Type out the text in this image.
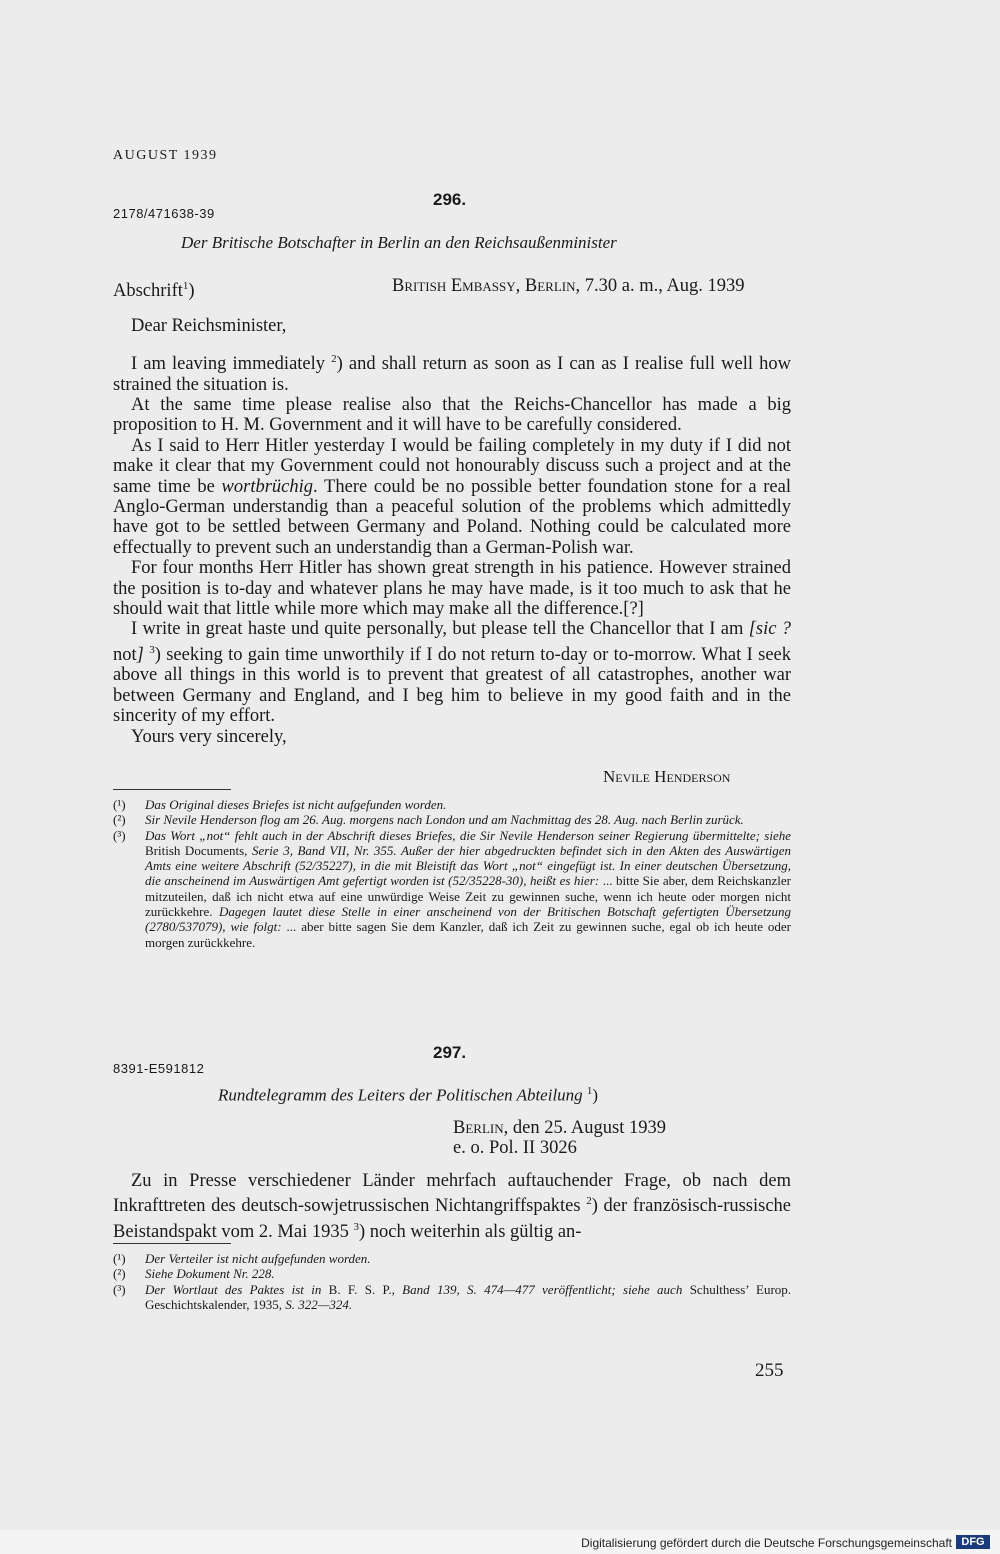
AUGUST 1939
296.
2178/471638-39
Der Britische Botschafter in Berlin an den Reichsaußenminister
Abschrift$^1$)	British Embassy, Berlin, 7.30 a. m., Aug. 1939
Dear Reichsminister,

I am leaving immediately $^2$) and shall return as soon as I can as I realise full well how strained the situation is.

At the same time please realise also that the Reichs-Chancellor has made a big proposition to H. M. Government and it will have to be carefully considered.

As I said to Herr Hitler yesterday I would be failing completely in my duty if I did not make it clear that my Government could not honourably discuss such a project and at the same time be wortbrüchig. There could be no possible better foundation stone for a real Anglo-German understandig than a peaceful solution of the problems which admittedly have got to be settled between Germany and Poland. Nothing could be calculated more effectually to prevent such an understandig than a German-Polish war.

For four months Herr Hitler has shown great strength in his patience. However strained the position is to-day and whatever plans he may have made, is it too much to ask that he should wait that little while more which may make all the difference.[?]

I write in great haste und quite personally, but please tell the Chancellor that I am [sic ? not] $^3$) seeking to gain time unworthily if I do not return to-day or to-morrow. What I seek above all things in this world is to prevent that greatest of all catastrophes, another war between Germany and England, and I beg him to believe in my good faith and in the sincerity of my effort.

Yours very sincerely,

Nevile Henderson
(¹)	Das Original dieses Briefes ist nicht aufgefunden worden.
(²)	Sir Nevile Henderson flog am 26. Aug. morgens nach London und am Nachmittag des 28. Aug. nach Berlin zurück.
(³)	Das Wort „not“ fehlt auch in der Abschrift dieses Briefes, die Sir Nevile Henderson seiner Regierung übermittelte; siehe British Documents, Serie 3, Band VII, Nr. 355. Außer der hier abgedruckten befindet sich in den Akten des Auswärtigen Amts eine weitere Abschrift (52/35227), in die mit Bleistift das Wort „not“ eingefügt ist. In einer deutschen Übersetzung, die anscheinend im Auswärtigen Amt gefertigt worden ist (52/35228-30), heißt es hier: ... bitte Sie aber, dem Reichskanzler mitzuteilen, daß ich nicht etwa auf eine unwürdige Weise Zeit zu gewinnen suche, wenn ich heute oder morgen nicht zurückkehre. Dagegen lautet diese Stelle in einer anscheinend von der Britischen Botschaft gefertigten Übersetzung (2780/537079), wie folgt: ... aber bitte sagen Sie dem Kanzler, daß ich Zeit zu gewinnen suche, egal ob ich heute oder morgen zurückkehre.
297.
8391-E591812
Rundtelegramm des Leiters der Politischen Abteilung $^1$)
Berlin, den 25. August 1939
e. o. Pol. II 3026

Zu in Presse verschiedener Länder mehrfach auftauchender Frage, ob nach dem Inkrafttreten des deutsch-sowjetrussischen Nichtangriffspaktes $^2$) der französisch-russische Beistandspakt vom 2. Mai 1935 $^3$) noch weiterhin als gültig an-

(¹)	Der Verteiler ist nicht aufgefunden worden.
(²)	Siehe Dokument Nr. 228.
(³)	Der Wortlaut des Paktes ist in B. F. S. P., Band 139, S. 474—477 veröffentlicht; siehe auch Schulthess’ Europ. Geschichtskalender, 1935, S. 322—324.
255
Digitalisierung gefördert durch die Deutsche Forschungsgemeinschaft DFG
